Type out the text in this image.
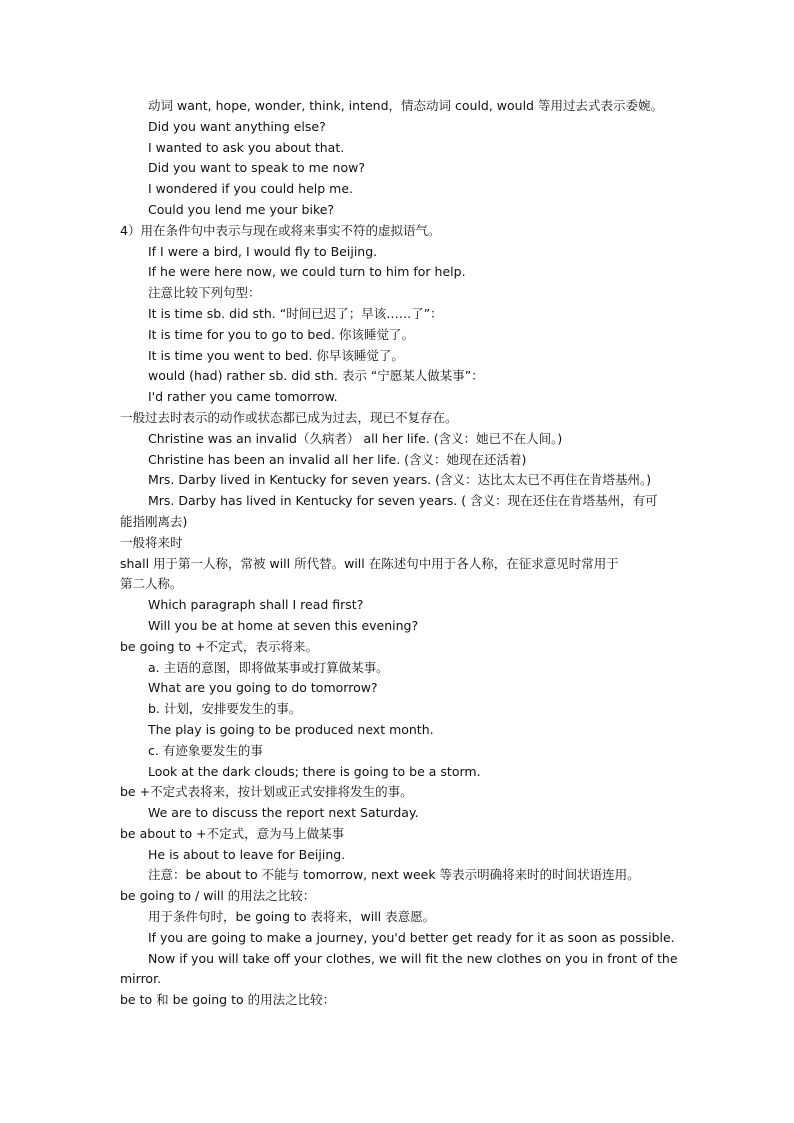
动词 want, hope, wonder, think, intend，情态动词 could, would 等用过去式表示委婉。
Did you want anything else?
I wanted to ask you about that.
Did you want to speak to me now?
I wondered if you could help me.
Could you lend me your bike?
4）用在条件句中表示与现在或将来事实不符的虚拟语气。
If I were a bird, I would fly to Beijing.
If he were here now, we could turn to him for help.
注意比较下列句型：
It is time sb. did sth. “时间已迟了；早该……了”：
It is time for you to go to bed. 你该睡觉了。
It is time you went to bed. 你早该睡觉了。
would (had) rather sb. did sth. 表示 “宁愿某人做某事”：
I'd rather you came tomorrow.
一般过去时表示的动作或状态都已成为过去，现已不复存在。
Christine was an invalid（久病者） all her life. (含义：她已不在人间。)
Christine has been an invalid all her life. (含义：她现在还活着)
Mrs. Darby lived in Kentucky for seven years. (含义：达比太太已不再住在肯塔基州。)
Mrs. Darby has lived in Kentucky for seven years. ( 含义：现在还住在肯塔基州，有可
能指刚离去)
一般将来时
shall 用于第一人称，常被 will 所代替。will 在陈述句中用于各人称，在征求意见时常用于
第二人称。
Which paragraph shall I read first?
Will you be at home at seven this evening?
be going to +不定式，表示将来。
a. 主语的意图，即将做某事或打算做某事。
What are you going to do tomorrow?
b. 计划，安排要发生的事。
The play is going to be produced next month.
c. 有迹象要发生的事
Look at the dark clouds; there is going to be a storm.
be +不定式表将来，按计划或正式安排将发生的事。
We are to discuss the report next Saturday.
be about to +不定式，意为马上做某事
He is about to leave for Beijing.
注意：be about to 不能与 tomorrow, next week 等表示明确将来时的时间状语连用。
be going to / will 的用法之比较：
用于条件句时，be going to 表将来，will 表意愿。
If you are going to make a journey, you'd better get ready for it as soon as possible.
Now if you will take off your clothes, we will fit the new clothes on you in front of the
mirror.
be to 和 be going to 的用法之比较：
